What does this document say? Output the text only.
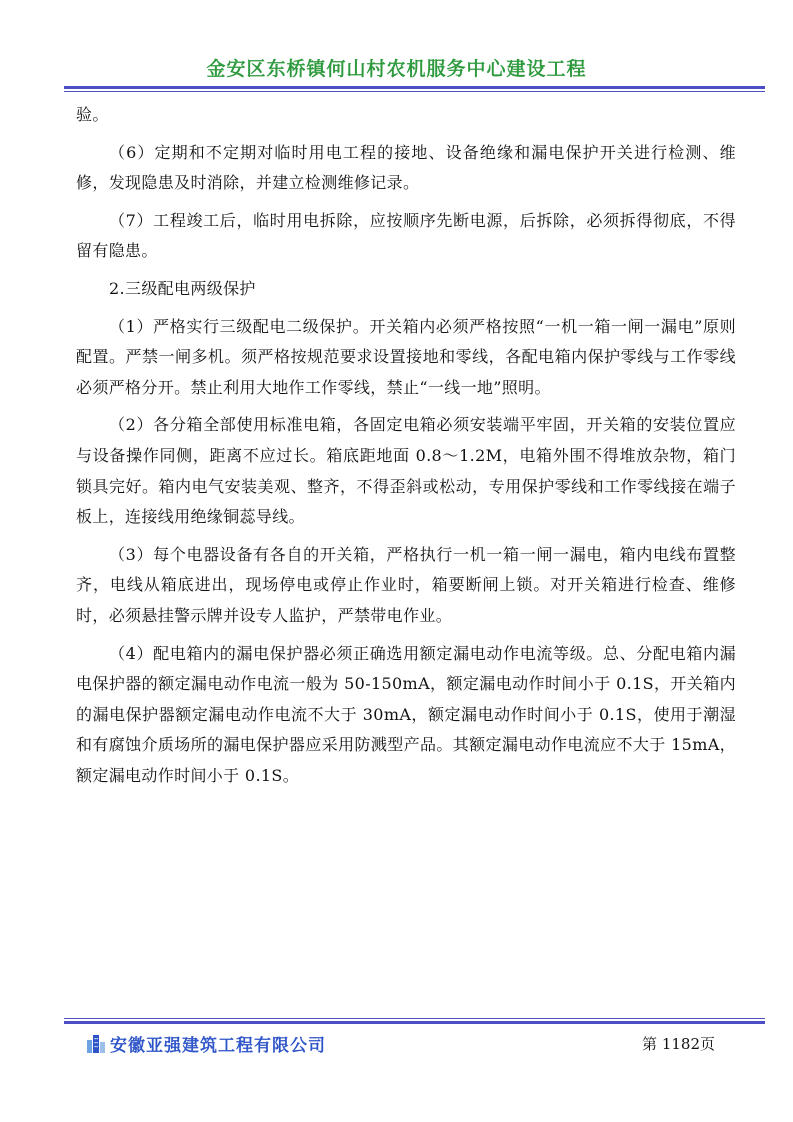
金安区东桥镇何山村农机服务中心建设工程

验。

（6）定期和不定期对临时用电工程的接地、设备绝缘和漏电保护开关进行检测、维修，发现隐患及时消除，并建立检测维修记录。

（7）工程竣工后，临时用电拆除，应按顺序先断电源，后拆除，必须拆得彻底，不得留有隐患。

2.三级配电两级保护

（1）严格实行三级配电二级保护。开关箱内必须严格按照“一机一箱一闸一漏电”原则配置。严禁一闸多机。须严格按规范要求设置接地和零线，各配电箱内保护零线与工作零线必须严格分开。禁止利用大地作工作零线，禁止“一线一地”照明。

（2）各分箱全部使用标准电箱，各固定电箱必须安装端平牢固，开关箱的安装位置应与设备操作同侧，距离不应过长。箱底距地面 0.8～1.2M，电箱外围不得堆放杂物，箱门锁具完好。箱内电气安装美观、整齐，不得歪斜或松动，专用保护零线和工作零线接在端子板上，连接线用绝缘铜蕊导线。

（3）每个电器设备有各自的开关箱，严格执行一机一箱一闸一漏电，箱内电线布置整齐，电线从箱底进出，现场停电或停止作业时，箱要断闸上锁。对开关箱进行检查、维修时，必须悬挂警示牌并设专人监护，严禁带电作业。

（4）配电箱内的漏电保护器必须正确选用额定漏电动作电流等级。总、分配电箱内漏电保护器的额定漏电动作电流一般为 50-150mA，额定漏电动作时间小于 0.1S，开关箱内的漏电保护器额定漏电动作电流不大于 30mA，额定漏电动作时间小于 0.1S，使用于潮湿和有腐蚀介质场所的漏电保护器应采用防溅型产品。其额定漏电动作电流应不大于 15mA，额定漏电动作时间小于 0.1S。

安徽亚强建筑工程有限公司	第 1182页
